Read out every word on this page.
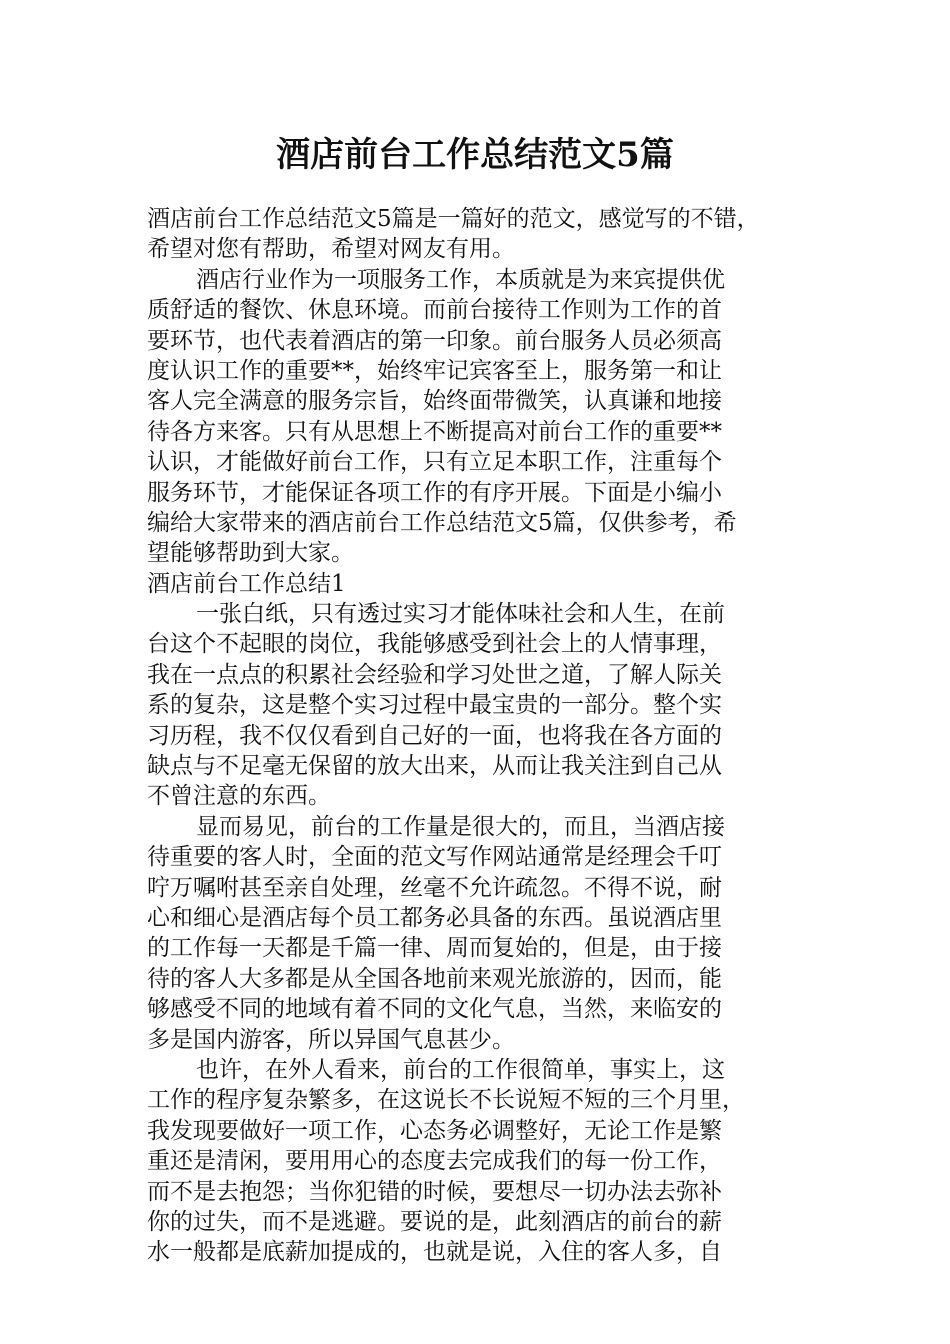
酒店前台工作总结范文5篇
酒店前台工作总结范文5篇是一篇好的范文，感觉写的不错，
希望对您有帮助，希望对网友有用。
酒店行业作为一项服务工作，本质就是为来宾提供优
质舒适的餐饮、休息环境。而前台接待工作则为工作的首
要环节，也代表着酒店的第一印象。前台服务人员必须高
度认识工作的重要**，始终牢记宾客至上，服务第一和让
客人完全满意的服务宗旨，始终面带微笑，认真谦和地接
待各方来客。只有从思想上不断提高对前台工作的重要**
认识，才能做好前台工作，只有立足本职工作，注重每个
服务环节，才能保证各项工作的有序开展。下面是小编小
编给大家带来的酒店前台工作总结范文5篇，仅供参考，希
望能够帮助到大家。
酒店前台工作总结1
一张白纸，只有透过实习才能体味社会和人生，在前
台这个不起眼的岗位，我能够感受到社会上的人情事理，
我在一点点的积累社会经验和学习处世之道，了解人际关
系的复杂，这是整个实习过程中最宝贵的一部分。整个实
习历程，我不仅仅看到自己好的一面，也将我在各方面的
缺点与不足毫无保留的放大出来，从而让我关注到自己从
不曾注意的东西。
显而易见，前台的工作量是很大的，而且，当酒店接
待重要的客人时，全面的范文写作网站通常是经理会千叮
咛万嘱咐甚至亲自处理，丝毫不允许疏忽。不得不说，耐
心和细心是酒店每个员工都务必具备的东西。虽说酒店里
的工作每一天都是千篇一律、周而复始的，但是，由于接
待的客人大多都是从全国各地前来观光旅游的，因而，能
够感受不同的地域有着不同的文化气息，当然，来临安的
多是国内游客，所以异国气息甚少。
也许，在外人看来，前台的工作很简单，事实上，这
工作的程序复杂繁多，在这说长不长说短不短的三个月里，
我发现要做好一项工作，心态务必调整好，无论工作是繁
重还是清闲，要用用心的态度去完成我们的每一份工作，
而不是去抱怨；当你犯错的时候，要想尽一切办法去弥补
你的过失，而不是逃避。要说的是，此刻酒店的前台的薪
水一般都是底薪加提成的，也就是说，入住的客人多，自
